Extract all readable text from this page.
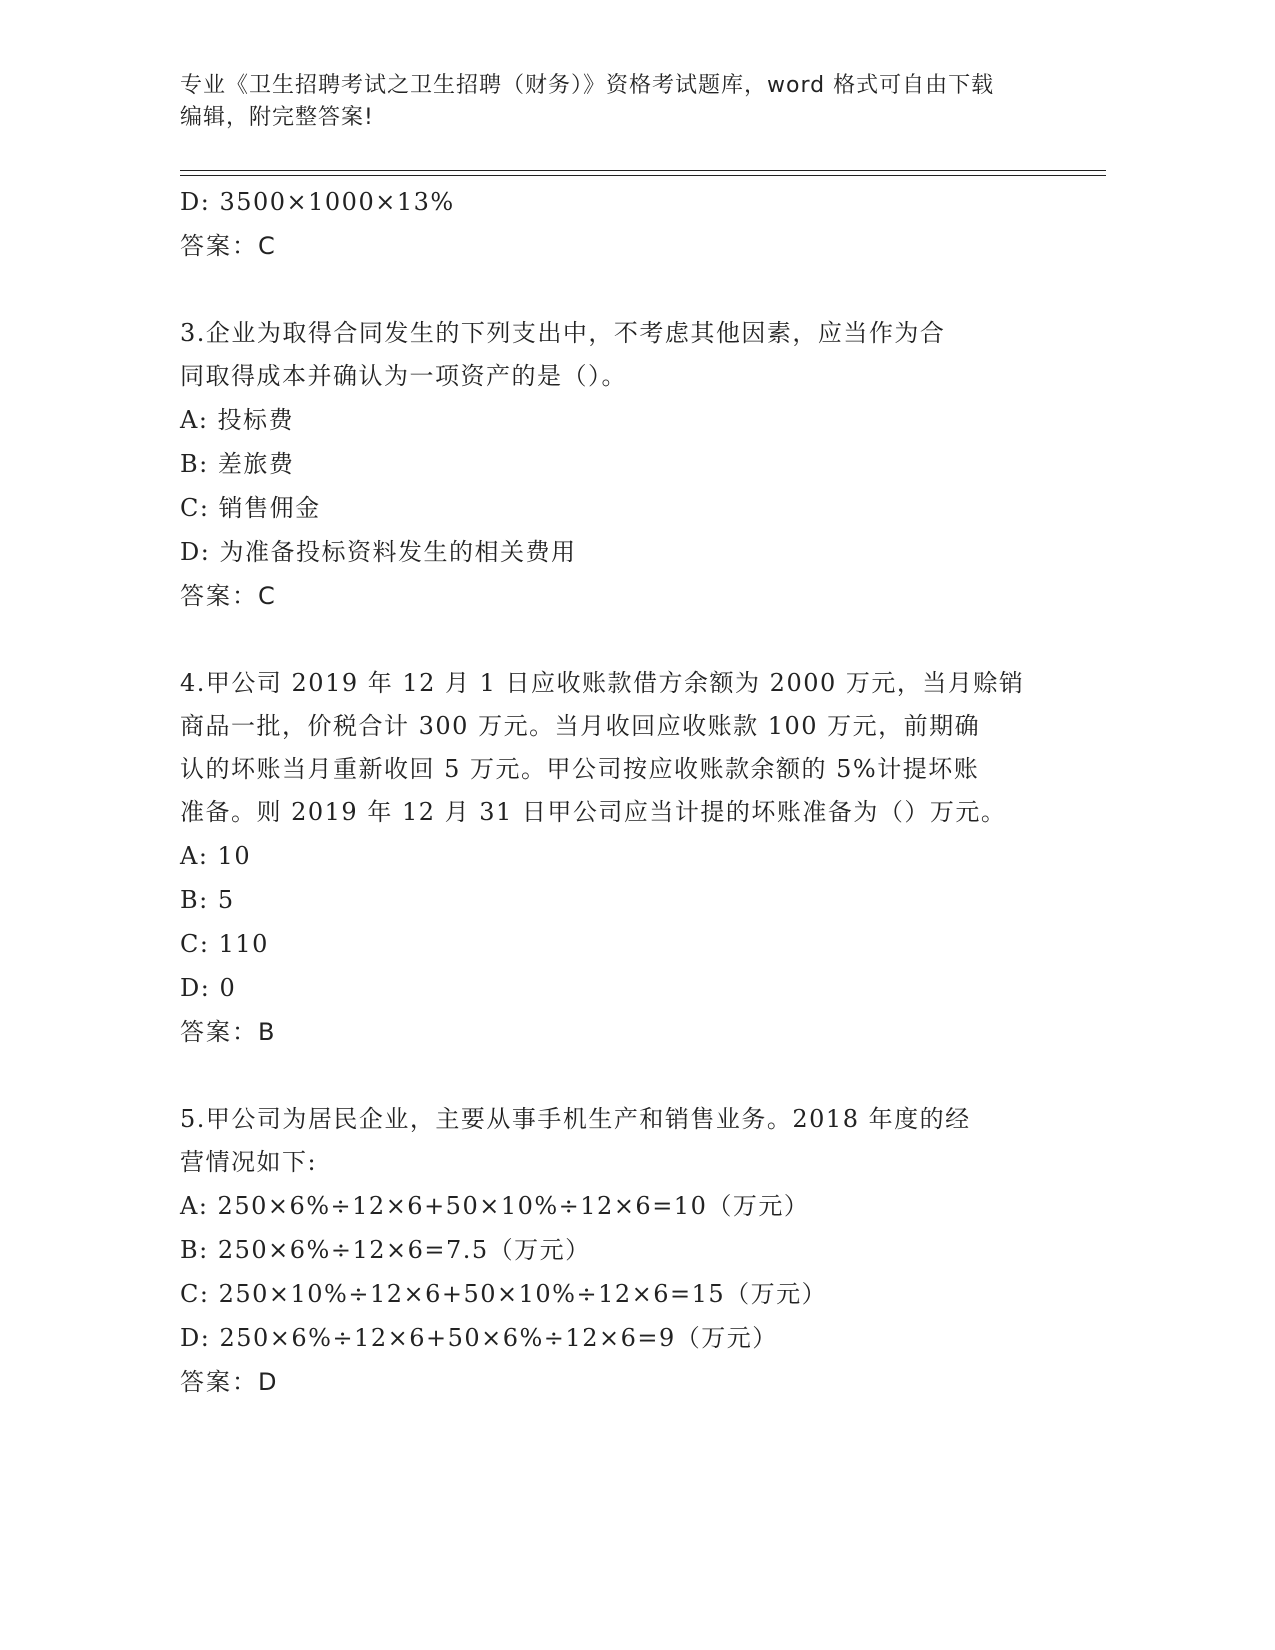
专业《卫生招聘考试之卫生招聘（财务）》资格考试题库，word 格式可自由下载
编辑，附完整答案!
D: 3500×1000×13%
答案：C
3.企业为取得合同发生的下列支出中，不考虑其他因素，应当作为合
同取得成本并确认为一项资产的是（）。
A: 投标费
B: 差旅费
C: 销售佣金
D: 为准备投标资料发生的相关费用
答案：C
4.甲公司 2019 年 12 月 1 日应收账款借方余额为 2000 万元，当月赊销
商品一批，价税合计 300 万元。当月收回应收账款 100 万元，前期确
认的坏账当月重新收回 5 万元。甲公司按应收账款余额的 5%计提坏账
准备。则 2019 年 12 月 31 日甲公司应当计提的坏账准备为（）万元。
A: 10
B: 5
C: 110
D: 0
答案：B
5.甲公司为居民企业，主要从事手机生产和销售业务。2018 年度的经
营情况如下:
A: 250×6%÷12×6+50×10%÷12×6=10（万元）
B: 250×6%÷12×6=7.5（万元）
C: 250×10%÷12×6+50×10%÷12×6=15（万元）
D: 250×6%÷12×6+50×6%÷12×6=9（万元）
答案：D
